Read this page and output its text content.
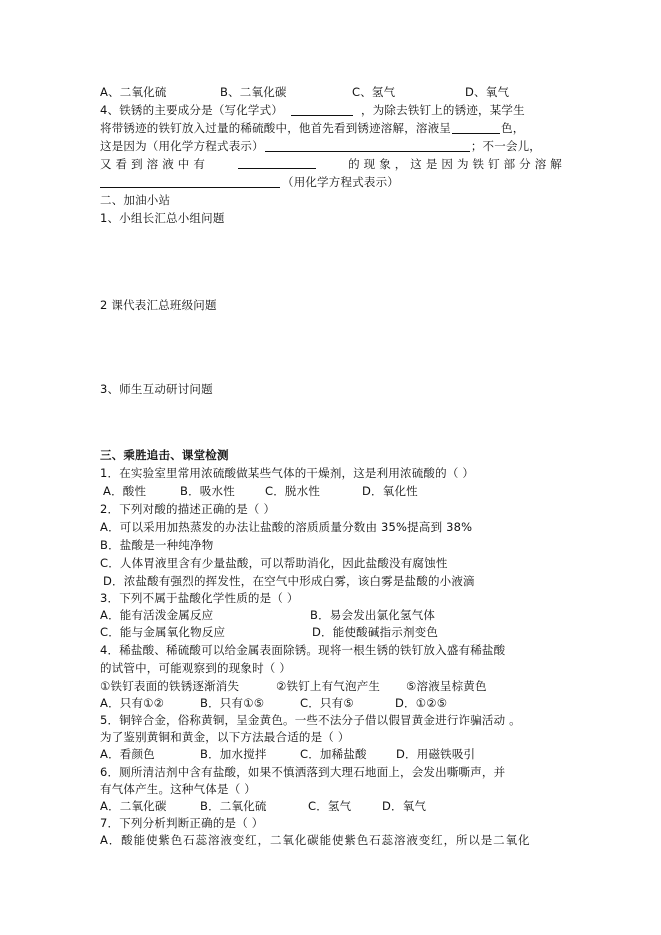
A、二氧化硫	B、二氧化碳	C、氢气	D、氧气
4、铁锈的主要成分是（写化学式）	，为除去铁钉上的锈迹，某学生
将带锈迹的铁钉放入过量的稀硫酸中，他首先看到锈迹溶解，溶液呈	色，
这是因为（用化学方程式表示）	；不一会儿，
又 看 到 溶 液 中 有	的 现 象 ， 这 是 因 为 铁 钉 部 分 溶 解
（用化学方程式表示）
二、加油小站
1、小组长汇总小组问题
2 课代表汇总班级问题
3、师生互动研讨问题
三、乘胜追击、课堂检测
1．在实验室里常用浓硫酸做某些气体的干燥剂，这是利用浓硫酸的（ ）
A．酸性	B．吸水性	C．脱水性	D．氧化性
2．下列对酸的描述正确的是（ ）
A．可以采用加热蒸发的办法让盐酸的溶质质量分数由 35%提高到 38%
B．盐酸是一种纯净物
C．人体胃液里含有少量盐酸，可以帮助消化，因此盐酸没有腐蚀性
D．浓盐酸有强烈的挥发性，在空气中形成白雾，该白雾是盐酸的小液滴
3．下列不属于盐酸化学性质的是（ ）
A．能有活泼金属反应	B．易会发出氯化氢气体
C．能与金属氧化物反应	D．能使酸碱指示剂变色
4．稀盐酸、稀硫酸可以给金属表面除锈。现将一根生锈的铁钉放入盛有稀盐酸
的试管中，可能观察到的现象时（ ）
①铁钉表面的铁锈逐渐消失	②铁钉上有气泡产生 ⑤溶液呈棕黄色
A．只有①②	B．只有①⑤	C．只有⑤	D．①②⑤
5．铜锌合金，俗称黄铜，呈金黄色。一些不法分子借以假冒黄金进行诈骗活动 。
为了鉴别黄铜和黄金，以下方法最合适的是（ ）
A．看颜色	B．加水搅拌	C．加稀盐酸	D．用磁铁吸引
6．厕所清洁剂中含有盐酸，如果不慎洒落到大理石地面上，会发出嘶嘶声，并
有气体产生。这种气体是（ ）
A．二氧化碳	B．二氧化硫	C．氢气	D．氧气
7．下列分析判断正确的是（ ）
A．酸能使紫色石蕊溶液变红，二氧化碳能使紫色石蕊溶液变红，所以是二氧化
